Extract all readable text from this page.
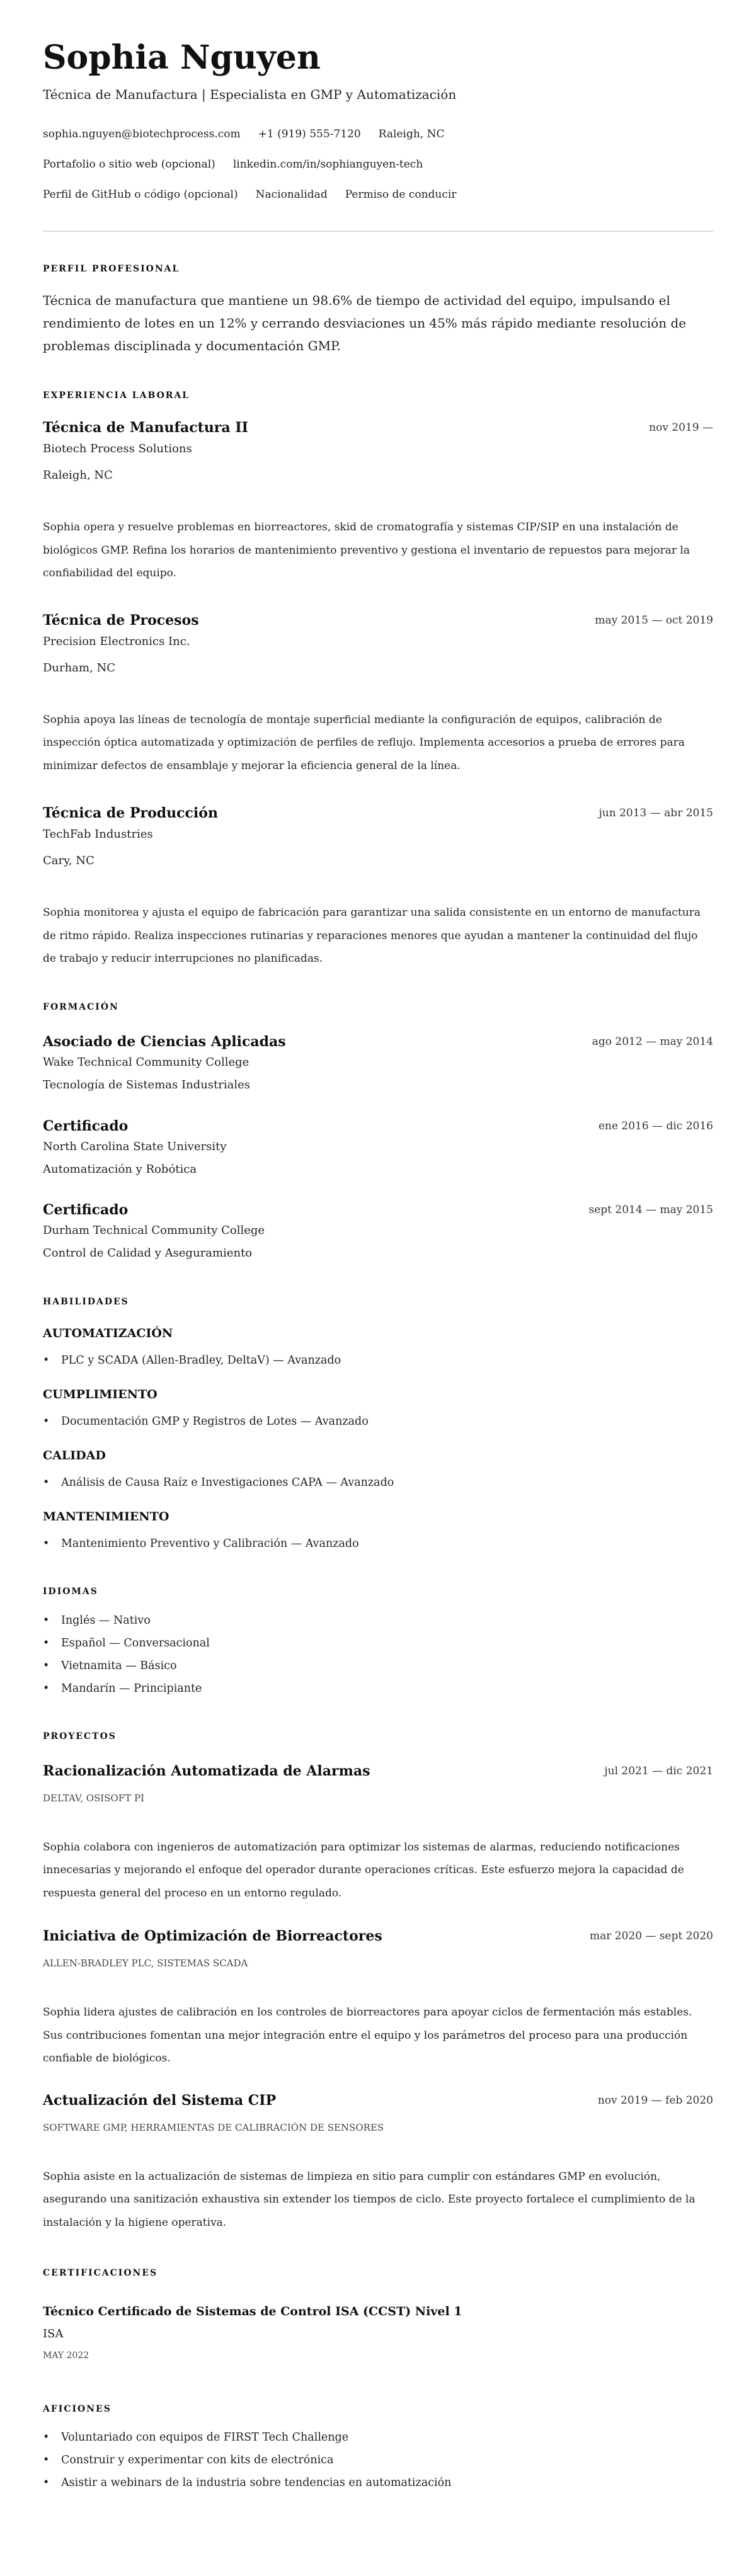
Sophia Nguyen
Técnica de Manufactura | Especialista en GMP y Automatización
sophia.nguyen@biotechprocess.com +1 (919) 555-7120 Raleigh, NC
Portafolio o sitio web (opcional) linkedin.com/in/sophianguyen-tech
Perfil de GitHub o código (opcional) Nacionalidad Permiso de conducir
PERFIL PROFESIONAL

Técnica de manufactura que mantiene un 98.6% de tiempo de actividad del equipo, impulsando el rendimiento de lotes en un 12% y cerrando desviaciones un 45% más rápido mediante resolución de problemas disciplinada y documentación GMP.

EXPERIENCIA LABORAL
Técnica de Manufactura II	nov 2019 —
Biotech Process Solutions
Raleigh, NC

Sophia opera y resuelve problemas en biorreactores, skid de cromatografía y sistemas CIP/SIP en una instalación de biológicos GMP. Refina los horarios de mantenimiento preventivo y gestiona el inventario de repuestos para mejorar la confiabilidad del equipo.

Técnica de Procesos	may 2015 — oct 2019
Precision Electronics Inc.
Durham, NC

Sophia apoya las líneas de tecnología de montaje superficial mediante la configuración de equipos, calibración de inspección óptica automatizada y optimización de perfiles de reflujo. Implementa accesorios a prueba de errores para minimizar defectos de ensamblaje y mejorar la eficiencia general de la línea.

Técnica de Producción	jun 2013 — abr 2015
TechFab Industries
Cary, NC

Sophia monitorea y ajusta el equipo de fabricación para garantizar una salida consistente en un entorno de manufactura de ritmo rápido. Realiza inspecciones rutinarias y reparaciones menores que ayudan a mantener la continuidad del flujo de trabajo y reducir interrupciones no planificadas.

FORMACIÓN
Asociado de Ciencias Aplicadas	ago 2012 — may 2014
Wake Technical Community College
Tecnología de Sistemas Industriales
Certificado	ene 2016 — dic 2016
North Carolina State University
Automatización y Robótica
Certificado	sept 2014 — may 2015
Durham Technical Community College
Control de Calidad y Aseguramiento
HABILIDADES
AUTOMATIZACIÓN
• PLC y SCADA (Allen-Bradley, DeltaV) — Avanzado
CUMPLIMIENTO
• Documentación GMP y Registros de Lotes — Avanzado
CALIDAD
• Análisis de Causa Raíz e Investigaciones CAPA — Avanzado
MANTENIMIENTO
• Mantenimiento Preventivo y Calibración — Avanzado
IDIOMAS
• Inglés — Nativo
• Español — Conversacional
• Vietnamita — Básico
• Mandarín — Principiante
PROYECTOS
Racionalización Automatizada de Alarmas	jul 2021 — dic 2021
DELTAV, OSISOFT PI

Sophia colabora con ingenieros de automatización para optimizar los sistemas de alarmas, reduciendo notificaciones innecesarias y mejorando el enfoque del operador durante operaciones críticas. Este esfuerzo mejora la capacidad de respuesta general del proceso en un entorno regulado.

Iniciativa de Optimización de Biorreactores	mar 2020 — sept 2020
ALLEN-BRADLEY PLC, SISTEMAS SCADA

Sophia lidera ajustes de calibración en los controles de biorreactores para apoyar ciclos de fermentación más estables. Sus contribuciones fomentan una mejor integración entre el equipo y los parámetros del proceso para una producción confiable de biológicos.

Actualización del Sistema CIP	nov 2019 — feb 2020
SOFTWARE GMP, HERRAMIENTAS DE CALIBRACIÓN DE SENSORES

Sophia asiste en la actualización de sistemas de limpieza en sitio para cumplir con estándares GMP en evolución, asegurando una sanitización exhaustiva sin extender los tiempos de ciclo. Este proyecto fortalece el cumplimiento de la instalación y la higiene operativa.

CERTIFICACIONES
Técnico Certificado de Sistemas de Control ISA (CCST) Nivel 1
ISA
MAY 2022
AFICIONES
• Voluntariado con equipos de FIRST Tech Challenge
• Construir y experimentar con kits de electrónica
• Asistir a webinars de la industria sobre tendencias en automatización
